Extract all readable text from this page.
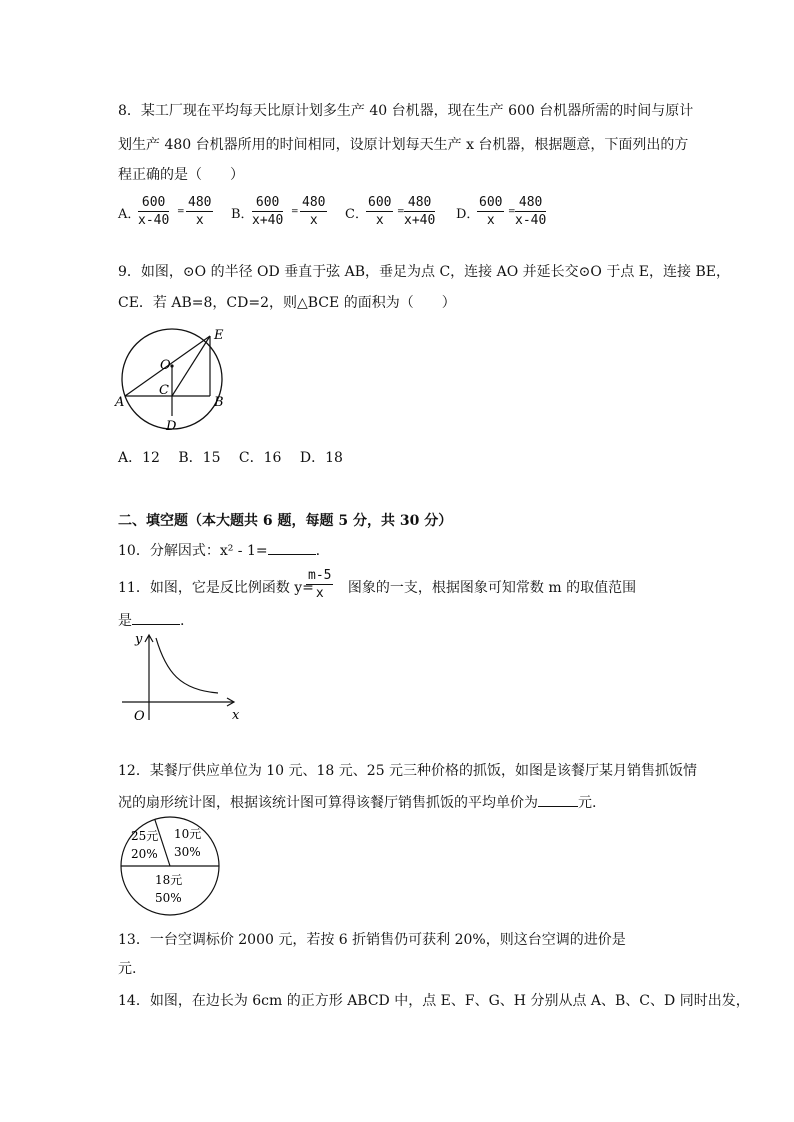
8．某工厂现在平均每天比原计划多生产 40 台机器，现在生产 600 台机器所需的时间与原计
划生产 480 台机器所用的时间相同，设原计划每天生产 x 台机器，根据题意，下面列出的方
程正确的是（　　）
A．
$\frac{600}{x-40} = \frac{480}{x}$ B．
$\frac{600}{x+40} = \frac{480}{x}$ C．
$\frac{600}{x} = \frac{480}{x+40}$ D．
$\frac{600}{x} = \frac{480}{x-40}$
9．如图，⊙O 的半径 OD 垂直于弦 AB，垂足为点 C，连接 AO 并延长交⊙O 于点 E，连接 BE，
CE．若 AB=8，CD=2，则△BCE 的面积为（　　）
O
C
A	B
D
E
A．12　 B．15　 C．16　 D．18
二、填空题（本大题共 6 题，每题 5 分，共 30 分）
10．分解因式：x² - 1=	.
11．如图，它是反比例函数 y= 图象的一支，根据图象可知常数 m 的取值范围
$\frac{m-5}{x}$
是	.
y
x
O
12．某餐厅供应单位为 10 元、18 元、25 元三种价格的抓饭，如图是该餐厅某月销售抓饭情
况的扇形统计图，根据该统计图可算得该餐厅销售抓饭的平均单价为	元.
25元
20%
10元
30%
18元
50%
13．一台空调标价 2000 元，若按 6 折销售仍可获利 20%，则这台空调的进价是
元.
14．如图，在边长为 6cm 的正方形 ABCD 中，点 E、F、G、H 分别从点 A、B、C、D 同时出发，
